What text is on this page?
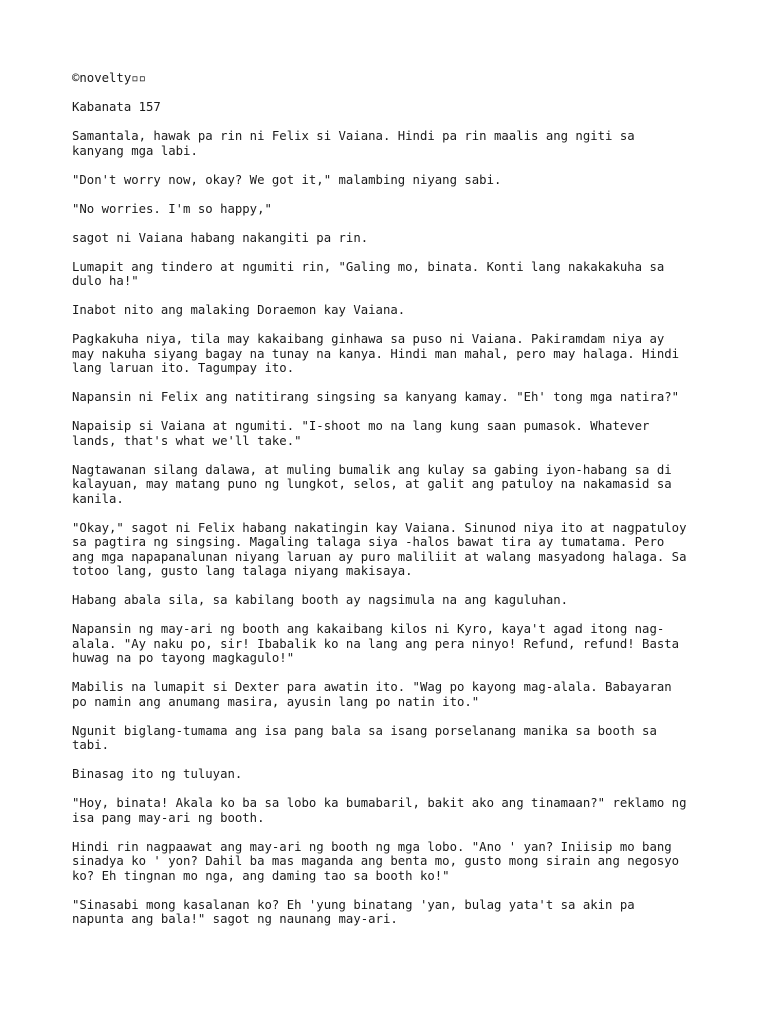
©novelty▫▫

Kabanata 157

Samantala, hawak pa rin ni Felix si Vaiana. Hindi pa rin maalis ang ngiti sa
kanyang mga labi.

"Don't worry now, okay? We got it," malambing niyang sabi.

"No worries. I'm so happy,"

sagot ni Vaiana habang nakangiti pa rin.

Lumapit ang tindero at ngumiti rin, "Galing mo, binata. Konti lang nakakakuha sa
dulo ha!"

Inabot nito ang malaking Doraemon kay Vaiana.

Pagkakuha niya, tila may kakaibang ginhawa sa puso ni Vaiana. Pakiramdam niya ay
may nakuha siyang bagay na tunay na kanya. Hindi man mahal, pero may halaga. Hindi
lang laruan ito. Tagumpay ito.

Napansin ni Felix ang natitirang singsing sa kanyang kamay. "Eh' tong mga natira?"

Napaisip si Vaiana at ngumiti. "I-shoot mo na lang kung saan pumasok. Whatever
lands, that's what we'll take."

Nagtawanan silang dalawa, at muling bumalik ang kulay sa gabing iyon-habang sa di
kalayuan, may matang puno ng lungkot, selos, at galit ang patuloy na nakamasid sa
kanila.

"Okay," sagot ni Felix habang nakatingin kay Vaiana. Sinunod niya ito at nagpatuloy
sa pagtira ng singsing. Magaling talaga siya -halos bawat tira ay tumatama. Pero
ang mga napapanalunan niyang laruan ay puro maliliit at walang masyadong halaga. Sa
totoo lang, gusto lang talaga niyang makisaya.

Habang abala sila, sa kabilang booth ay nagsimula na ang kaguluhan.

Napansin ng may-ari ng booth ang kakaibang kilos ni Kyro, kaya't agad itong nag-
alala. "Ay naku po, sir! Ibabalik ko na lang ang pera ninyo! Refund, refund! Basta
huwag na po tayong magkagulo!"

Mabilis na lumapit si Dexter para awatin ito. "Wag po kayong mag-alala. Babayaran
po namin ang anumang masira, ayusin lang po natin ito."

Ngunit biglang-tumama ang isa pang bala sa isang porselanang manika sa booth sa
tabi.

Binasag ito ng tuluyan.

"Hoy, binata! Akala ko ba sa lobo ka bumabaril, bakit ako ang tinamaan?" reklamo ng
isa pang may-ari ng booth.

Hindi rin nagpaawat ang may-ari ng booth ng mga lobo. "Ano ' yan? Iniisip mo bang
sinadya ko ' yon? Dahil ba mas maganda ang benta mo, gusto mong sirain ang negosyo
ko? Eh tingnan mo nga, ang daming tao sa booth ko!"

"Sinasabi mong kasalanan ko? Eh 'yung binatang 'yan, bulag yata't sa akin pa
napunta ang bala!" sagot ng naunang may-ari.
